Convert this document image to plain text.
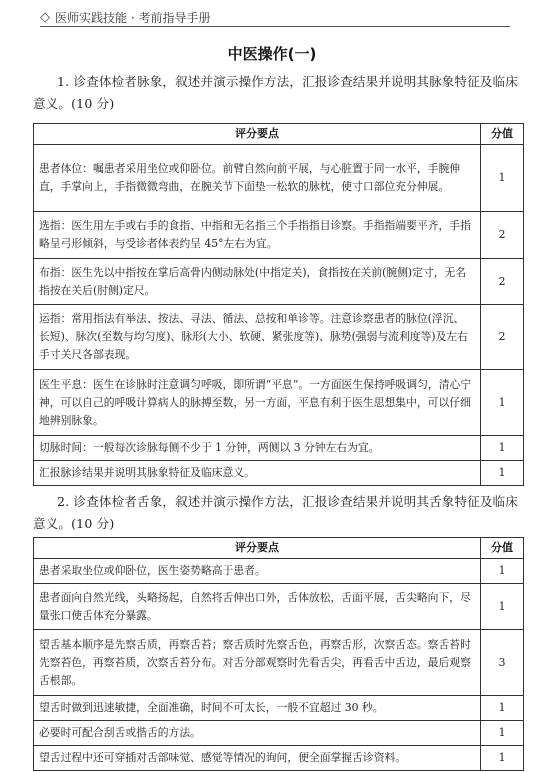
◇ 医师实践技能 · 考前指导手册
中医操作(一)
1. 诊查体检者脉象，叙述并演示操作方法，汇报诊查结果并说明其脉象特征及临床意义。(10 分)
评分要点	分值
患者体位：嘱患者采用坐位或仰卧位。前臂自然向前平展，与心脏置于同一水平，手腕伸直，手掌向上，手指微微弯曲，在腕关节下面垫一松软的脉枕，使寸口部位充分伸展。	1
选指：医生用左手或右手的食指、中指和无名指三个手指指目诊察。手指指端要平齐，手指略呈弓形倾斜，与受诊者体表约呈 45°左右为宜。	2
布指：医生先以中指按在掌后高骨内侧动脉处(中指定关)，食指按在关前(腕侧)定寸，无名指按在关后(肘侧)定尺。	2
运指：常用指法有举法、按法、寻法、循法、总按和单诊等。注意诊察患者的脉位(浮沉、长短)、脉次(至数与均匀度)、脉形(大小、软硬、紧张度等)、脉势(强弱与流利度等)及左右手寸关尺各部表现。	2
医生平息：医生在诊脉时注意调匀呼吸，即所谓“平息”。一方面医生保持呼吸调匀，清心宁神，可以自己的呼吸计算病人的脉搏至数，另一方面，平息有利于医生思想集中，可以仔细地辨别脉象。	1
切脉时间：一般每次诊脉每侧不少于 1 分钟，两侧以 3 分钟左右为宜。	1
汇报脉诊结果并说明其脉象特征及临床意义。	1
2. 诊查体检者舌象，叙述并演示操作方法，汇报诊查结果并说明其舌象特征及临床意义。(10 分)
评分要点	分值
患者采取坐位或仰卧位，医生姿势略高于患者。	1
患者面向自然光线，头略扬起，自然将舌伸出口外，舌体放松，舌面平展，舌尖略向下，尽量张口使舌体充分暴露。	1
望舌基本顺序是先察舌质，再察舌苔；察舌质时先察舌色，再察舌形，次察舌态。察舌苔时先察苔色，再察苔质，次察舌苔分布。对舌分部观察时先看舌尖，再看舌中舌边，最后观察舌根部。	3
望舌时做到迅速敏捷，全面准确，时间不可太长，一般不宜超过 30 秒。	1
必要时可配合刮舌或揩舌的方法。	1
望舌过程中还可穿插对舌部味觉、感觉等情况的询问，便全面掌握舌诊资料。	1
